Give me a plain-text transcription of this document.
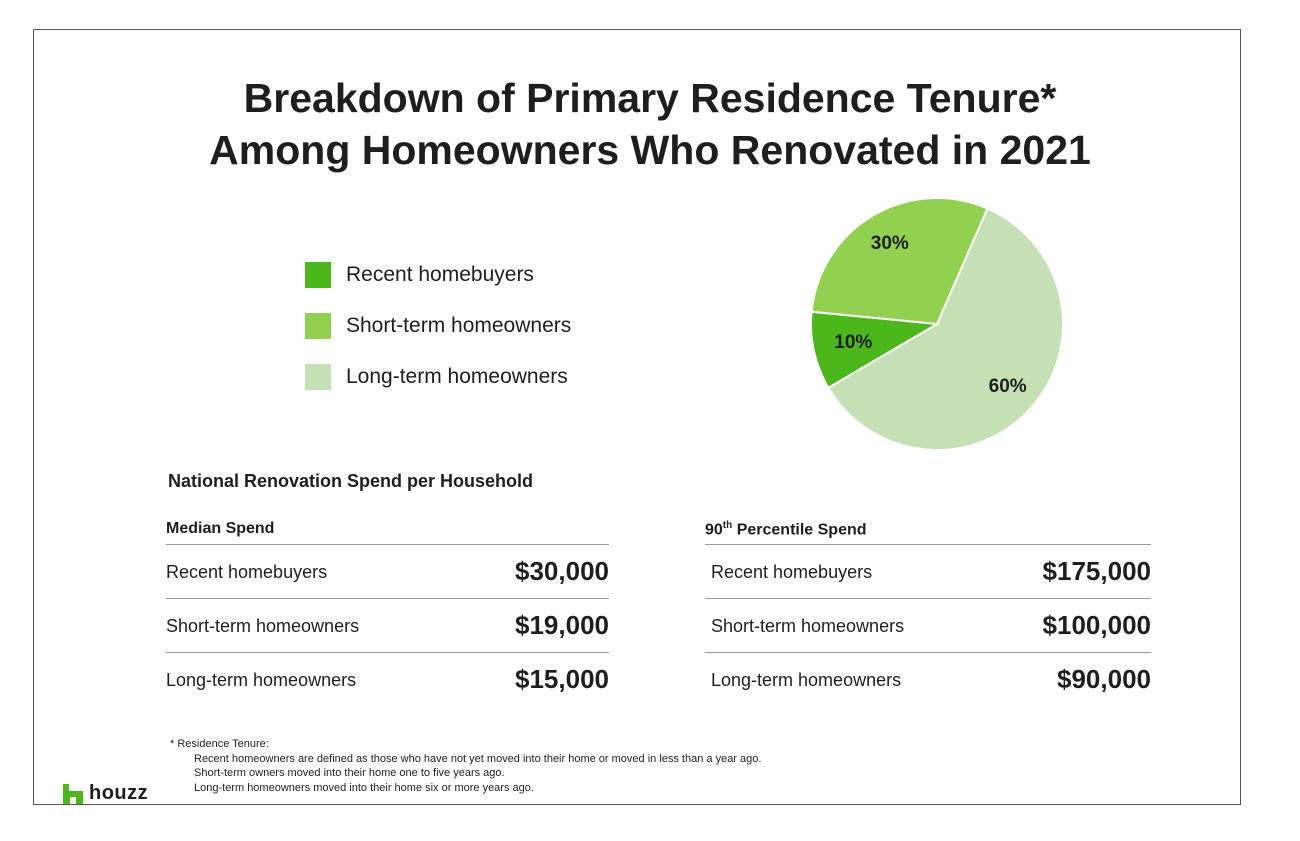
Breakdown of Primary Residence Tenure*
Among Homeowners Who Renovated in 2021
Recent homebuyers
Short-term homeowners
Long-term homeowners	60%
10%
30%
National Renovation Spend per Household
Median Spend
Recent homebuyers	$30,000
Short-term homeowners	$19,000
Long-term homeowners	$15,000
90th Percentile Spend
Recent homebuyers	$175,000
Short-term homeowners	$100,000
Long-term homeowners	$90,000
* Residence Tenure:
Recent homeowners are defined as those who have not yet moved into their home or moved in less than a year ago.
Short-term owners moved into their home one to five years ago.
Long-term homeowners moved into their home six or more years ago.
houzz
